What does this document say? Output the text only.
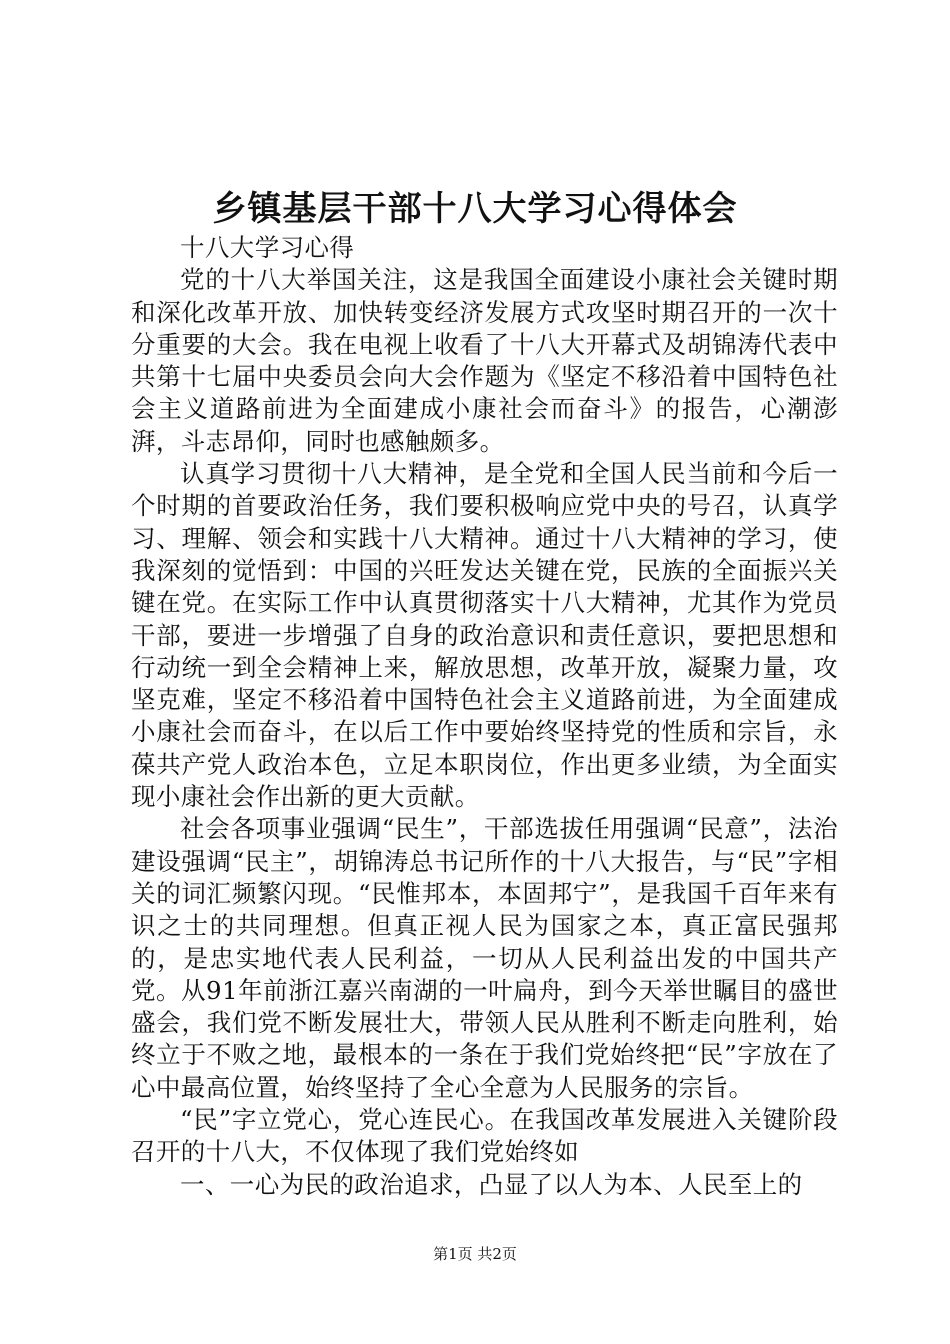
乡镇基层干部十八大学习心得体会

十八大学习心得

党的十八大举国关注，这是我国全面建设小康社会关键时期和深化改革开放、加快转变经济发展方式攻坚时期召开的一次十分重要的大会。我在电视上收看了十八大开幕式及胡锦涛代表中共第十七届中央委员会向大会作题为《坚定不移沿着中国特色社会主义道路前进为全面建成小康社会而奋斗》的报告，心潮澎湃，斗志昂仰，同时也感触颇多。

认真学习贯彻十八大精神，是全党和全国人民当前和今后一个时期的首要政治任务，我们要积极响应党中央的号召，认真学习、理解、领会和实践十八大精神。通过十八大精神的学习，使我深刻的觉悟到：中国的兴旺发达关键在党，民族的全面振兴关键在党。在实际工作中认真贯彻落实十八大精神，尤其作为党员干部，要进一步增强了自身的政治意识和责任意识，要把思想和行动统一到全会精神上来，解放思想，改革开放，凝聚力量，攻坚克难，坚定不移沿着中国特色社会主义道路前进，为全面建成小康社会而奋斗，在以后工作中要始终坚持党的性质和宗旨，永葆共产党人政治本色，立足本职岗位，作出更多业绩，为全面实现小康社会作出新的更大贡献。

社会各项事业强调“民生”，干部选拔任用强调“民意”，法治建设强调“民主”，胡锦涛总书记所作的十八大报告，与“民”字相关的词汇频繁闪现。“民惟邦本，本固邦宁”，是我国千百年来有识之士的共同理想。但真正视人民为国家之本，真正富民强邦的，是忠实地代表人民利益，一切从人民利益出发的中国共产党。从91年前浙江嘉兴南湖的一叶扁舟，到今天举世瞩目的盛世盛会，我们党不断发展壮大，带领人民从胜利不断走向胜利，始终立于不败之地，最根本的一条在于我们党始终把“民”字放在了心中最高位置，始终坚持了全心全意为人民服务的宗旨。

“民”字立党心，党心连民心。在我国改革发展进入关键阶段召开的十八大，不仅体现了我们党始终如

一、一心为民的政治追求，凸显了以人为本、人民至上的

第1页 共2页
